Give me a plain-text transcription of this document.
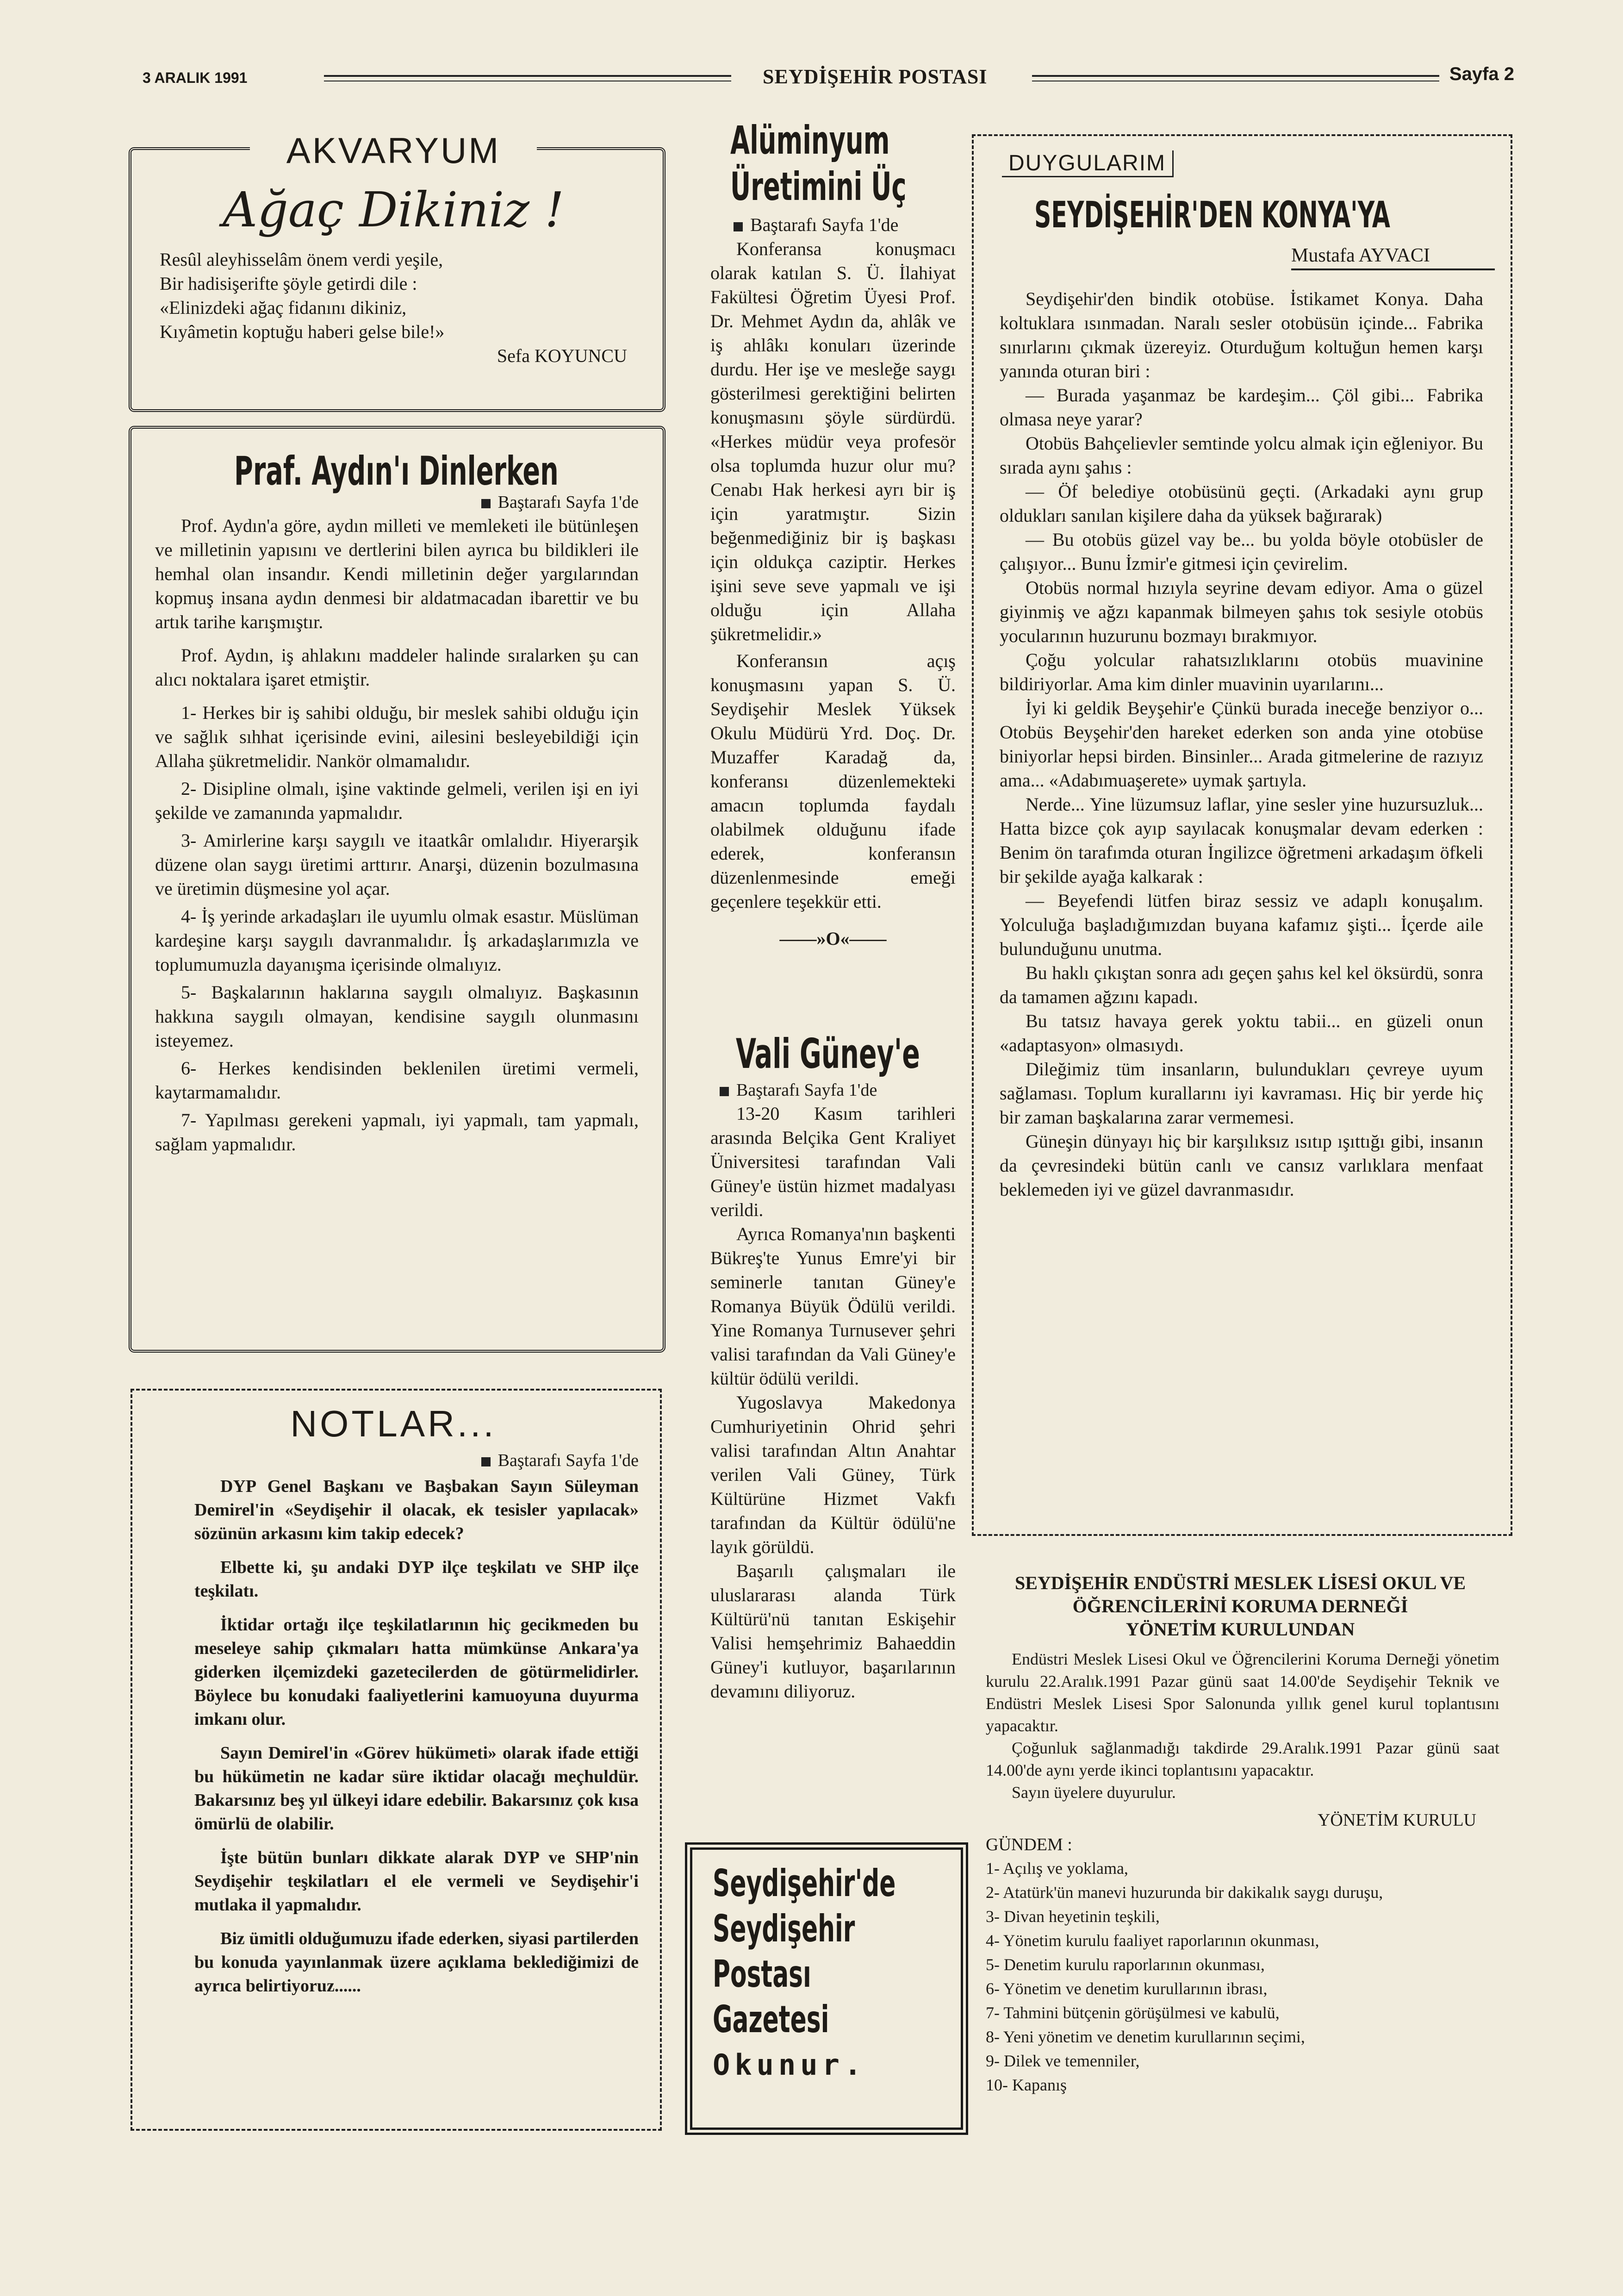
3 ARALIK 1991	SEYDİŞEHİR POSTASI	Sayfa 2
AKVARYUM
Ağaç Dikiniz !

Resûl aleyhisselâm önem verdi yeşile,

Bir hadisişerifte şöyle getirdi dile :

«Elinizdeki ağaç fidanını dikiniz,

Kıyâmetin koptuğu haberi gelse bile!»

Sefa KOYUNCU

Praf. Aydın'ı Dinlerken
Baştarafı Sayfa 1'de

Prof. Aydın'a göre, aydın milleti ve memleketi ile bütünleşen ve milletinin yapısını ve dertlerini bilen ayrıca bu bildikleri ile hemhal olan insandır. Kendi milletinin değer yargılarından kopmuş insana aydın denmesi bir aldatmacadan ibarettir ve bu artık tarihe karışmıştır.

Prof. Aydın, iş ahlakını maddeler halinde sıralarken şu can alıcı noktalara işaret etmiştir.

1- Herkes bir iş sahibi olduğu, bir meslek sahibi olduğu için ve sağlık sıhhat içerisinde evini, ailesini besleyebildiği için Allaha şükretmelidir. Nankör olmamalıdır.

2- Disipline olmalı, işine vaktinde gelmeli, verilen işi en iyi şekilde ve zamanında yapmalıdır.

3- Amirlerine karşı saygılı ve itaatkâr omlalıdır. Hiyerarşik düzene olan saygı üretimi arttırır. Anarşi, düzenin bozulmasına ve üretimin düşmesine yol açar.

4- İş yerinde arkadaşları ile uyumlu olmak esastır. Müslüman kardeşine karşı saygılı davranmalıdır. İş arkadaşlarımızla ve toplumumuzla dayanışma içerisinde olmalıyız.

5- Başkalarının haklarına saygılı olmalıyız. Başkasının hakkına saygılı olmayan, kendisine saygılı olunmasını isteyemez.

6- Herkes kendisinden beklenilen üretimi vermeli, kaytarmamalıdır.

7- Yapılması gerekeni yapmalı, iyi yapmalı, tam yapmalı, sağlam yapmalıdır.

NOTLAR...
Baştarafı Sayfa 1'de

DYP Genel Başkanı ve Başbakan Sayın Süleyman Demirel'in «Seydişehir il olacak, ek tesisler yapılacak» sözünün arkasını kim takip edecek?

Elbette ki, şu andaki DYP ilçe teşkilatı ve SHP ilçe teşkilatı.

İktidar ortağı ilçe teşkilatlarının hiç gecikmeden bu meseleye sahip çıkmaları hatta mümkünse Ankara'ya giderken ilçemizdeki gazetecilerden de götürmelidirler. Böylece bu konudaki faaliyetlerini kamuoyuna duyurma imkanı olur.

Sayın Demirel'in «Görev hükümeti» olarak ifade ettiği bu hükümetin ne kadar süre iktidar olacağı meçhuldür. Bakarsınız beş yıl ülkeyi idare edebilir. Bakarsınız çok kısa ömürlü de olabilir.

İşte bütün bunları dikkate alarak DYP ve SHP'nin Seydişehir teşkilatları el ele vermeli ve Seydişehir'i mutlaka il yapmalıdır.

Biz ümitli olduğumuzu ifade ederken, siyasi partilerden bu konuda yayınlanmak üzere açıklama beklediğimizi de ayrıca belirtiyoruz......

Alüminyum
Üretimini Üç
Baştarafı Sayfa 1'de

Konferansa konuşmacı olarak katılan S. Ü. İlahiyat Fakültesi Öğretim Üyesi Prof. Dr. Mehmet Aydın da, ahlâk ve iş ahlâkı konuları üzerinde durdu. Her işe ve mesleğe saygı gösterilmesi gerektiğini belirten konuşmasını şöyle sürdürdü. «Herkes müdür veya profesör olsa toplumda huzur olur mu? Cenabı Hak herkesi ayrı bir iş için yaratmıştır. Sizin beğenmediğiniz bir iş başkası için oldukça caziptir. Herkes işini seve seve yapmalı ve işi olduğu için Allaha şükretmelidir.»

Konferansın açış konuşmasını yapan S. Ü. Seydişehir Meslek Yüksek Okulu Müdürü Yrd. Doç. Dr. Muzaffer Karadağ da, konferansı düzenlemekteki amacın toplumda faydalı olabilmek olduğunu ifade ederek, konferansın düzenlenmesinde emeği geçenlere teşekkür etti.

——»O«——
Vali Güney'e
Baştarafı Sayfa 1'de

13-20 Kasım tarihleri arasında Belçika Gent Kraliyet Üniversitesi tarafından Vali Güney'e üstün hizmet madalyası verildi.

Ayrıca Romanya'nın başkenti Bükreş'te Yunus Emre'yi bir seminerle tanıtan Güney'e Romanya Büyük Ödülü verildi. Yine Romanya Turnusever şehri valisi tarafından da Vali Güney'e kültür ödülü verildi.

Yugoslavya Makedonya Cumhuriyetinin Ohrid şehri valisi tarafından Altın Anahtar verilen Vali Güney, Türk Kültürüne Hizmet Vakfı tarafından da Kültür ödülü'ne layık görüldü.

Başarılı çalışmaları ile uluslararası alanda Türk Kültürü'nü tanıtan Eskişehir Valisi hemşehrimiz Bahaeddin Güney'i kutluyor, başarılarının devamını diliyoruz.

Seydişehir'de
Seydişehir
Postası
Gazetesi
Okunur.
DUYGULARIM
SEYDİŞEHİR'DEN KONYA'YA
Mustafa AYVACI

Seydişehir'den bindik otobüse. İstikamet Konya. Daha koltuklara ısınmadan. Naralı sesler otobüsün içinde... Fabrika sınırlarını çıkmak üzereyiz. Oturduğum koltuğun hemen karşı yanında oturan biri :

— Burada yaşanmaz be kardeşim... Çöl gibi... Fabrika olmasa neye yarar?

Otobüs Bahçelievler semtinde yolcu almak için eğleniyor. Bu sırada aynı şahıs :

— Öf belediye otobüsünü geçti. (Arkadaki aynı grup oldukları sanılan kişilere daha da yüksek bağırarak)

— Bu otobüs güzel vay be... bu yolda böyle otobüsler de çalışıyor... Bunu İzmir'e gitmesi için çevirelim.

Otobüs normal hızıyla seyrine devam ediyor. Ama o güzel giyinmiş ve ağzı kapanmak bilmeyen şahıs tok sesiyle otobüs yocularının huzurunu bozmayı bırakmıyor.

Çoğu yolcular rahatsızlıklarını otobüs muavinine bildiriyorlar. Ama kim dinler muavinin uyarılarını...

İyi ki geldik Beyşehir'e Çünkü burada ineceğe benziyor o... Otobüs Beyşehir'den hareket ederken son anda yine otobüse biniyorlar hepsi birden. Binsinler... Arada gitmelerine de razıyız ama... «Adabımuaşerete» uymak şartıyla.

Nerde... Yine lüzumsuz laflar, yine sesler yine huzursuzluk... Hatta bizce çok ayıp sayılacak konuşmalar devam ederken : Benim ön tarafımda oturan İngilizce öğretmeni arkadaşım öfkeli bir şekilde ayağa kalkarak :

— Beyefendi lütfen biraz sessiz ve adaplı konuşalım. Yolculuğa başladığımızdan buyana kafamız şişti... İçerde aile bulunduğunu unutma.

Bu haklı çıkıştan sonra adı geçen şahıs kel kel öksürdü, sonra da tamamen ağzını kapadı.

Bu tatsız havaya gerek yoktu tabii... en güzeli onun «adaptasyon» olmasıydı.

Dileğimiz tüm insanların, bulundukları çevreye uyum sağlaması. Toplum kurallarını iyi kavraması. Hiç bir yerde hiç bir zaman başkalarına zarar vermemesi.

Güneşin dünyayı hiç bir karşılıksız ısıtıp ışıttığı gibi, insanın da çevresindeki bütün canlı ve cansız varlıklara menfaat beklemeden iyi ve güzel davranmasıdır.

SEYDİŞEHİR ENDÜSTRİ MESLEK LİSESİ OKUL VE
ÖĞRENCİLERİNİ KORUMA DERNEĞİ
YÖNETİM KURULUNDAN

Endüstri Meslek Lisesi Okul ve Öğrencilerini Koruma Derneği yönetim kurulu 22.Aralık.1991 Pazar günü saat 14.00'de Seydişehir Teknik ve Endüstri Meslek Lisesi Spor Salonunda yıllık genel kurul toplantısını yapacaktır.

Çoğunluk sağlanmadığı takdirde 29.Aralık.1991 Pazar günü saat 14.00'de aynı yerde ikinci toplantısını yapacaktır.

Sayın üyelere duyurulur.

YÖNETİM KURULU
GÜNDEM :
1- Açılış ve yoklama,
2- Atatürk'ün manevi huzurunda bir dakikalık saygı duruşu,
3- Divan heyetinin teşkili,
4- Yönetim kurulu faaliyet raporlarının okunması,
5- Denetim kurulu raporlarının okunması,
6- Yönetim ve denetim kurullarının ibrası,
7- Tahmini bütçenin görüşülmesi ve kabulü,
8- Yeni yönetim ve denetim kurullarının seçimi,
9- Dilek ve temenniler,
10- Kapanış
